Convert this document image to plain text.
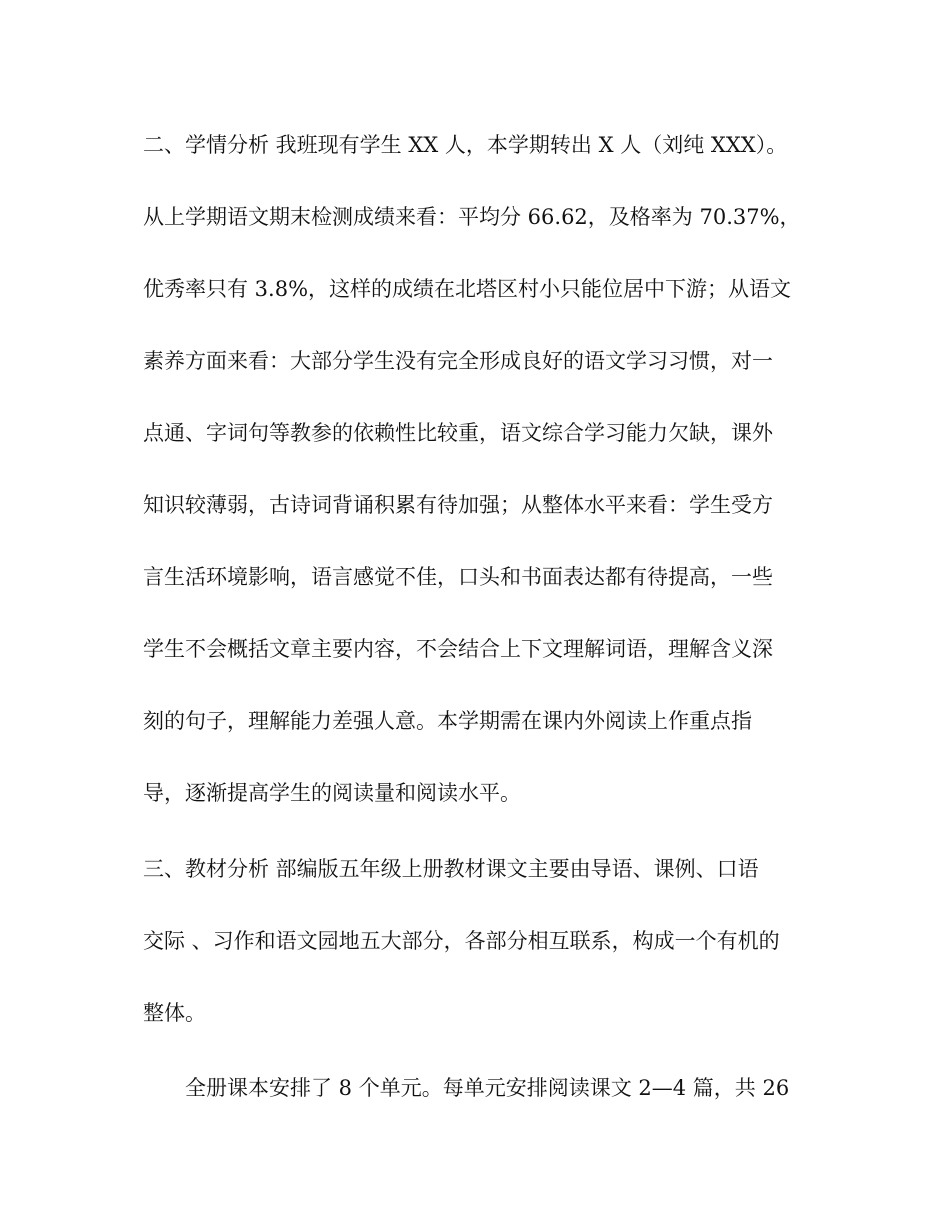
二、学情分析 我班现有学生 XX 人，本学期转出 X 人（刘纯 XXX）。
从上学期语文期末检测成绩来看：平均分 66.62，及格率为 70.37%，
优秀率只有 3.8%，这样的成绩在北塔区村小只能位居中下游；从语文
素养方面来看：大部分学生没有完全形成良好的语文学习习惯，对一
点通、字词句等教参的依赖性比较重，语文综合学习能力欠缺，课外
知识较薄弱，古诗词背诵积累有待加强；从整体水平来看：学生受方
言生活环境影响，语言感觉不佳，口头和书面表达都有待提高，一些
学生不会概括文章主要内容，不会结合上下文理解词语，理解含义深
刻的句子，理解能力差强人意。本学期需在课内外阅读上作重点指
导，逐渐提高学生的阅读量和阅读水平。
三、教材分析 部编版五年级上册教材课文主要由导语、课例、口语
交际 、习作和语文园地五大部分，各部分相互联系，构成一个有机的
整体。
　　全册课本安排了 8 个单元。每单元安排阅读课文 2—4 篇，共 26
